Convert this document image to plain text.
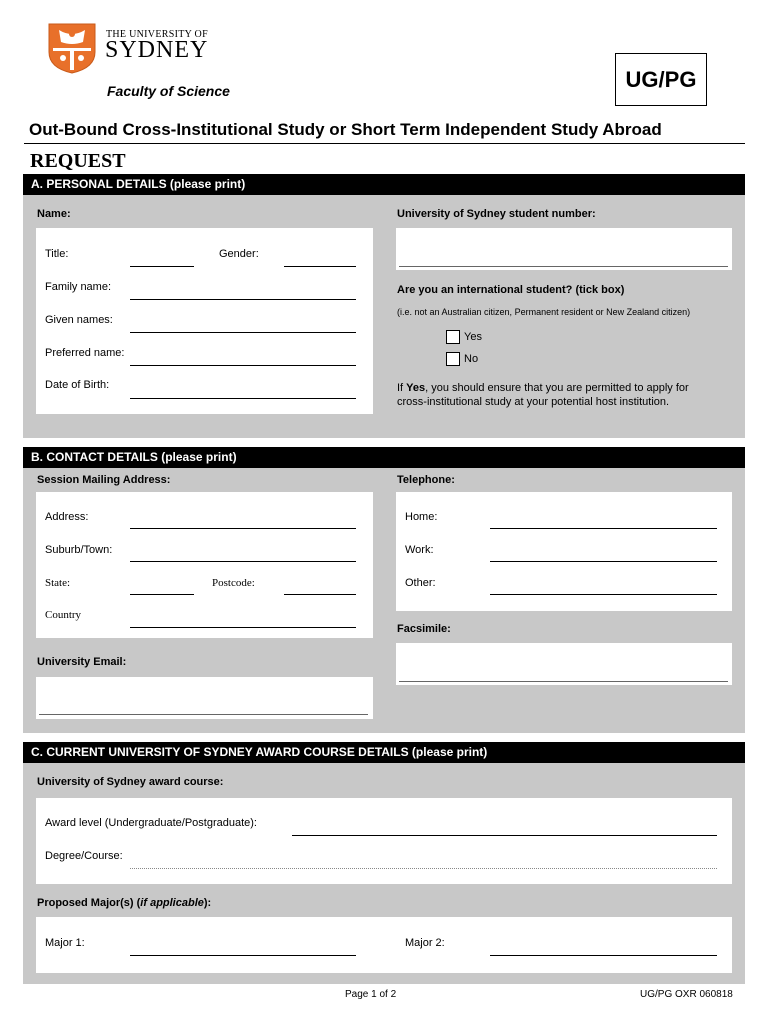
THE UNIVERSITY OF
SYDNEY
Faculty of Science	UG/PG
Out-Bound Cross-Institutional Study or Short Term Independent Study Abroad
REQUEST
A. PERSONAL DETAILS (please print)
Name:
Title:	Gender:
Family name:
Given names:
Preferred name:
Date of Birth:
University of Sydney student number:
Are you an international student? (tick box)
(i.e. not an Australian citizen, Permanent resident or New Zealand citizen)
Yes
No
If Yes, you should ensure that you are permitted to apply for
cross-institutional study at your potential host institution.
B. CONTACT DETAILS (please print)
Session Mailing Address:
Address:
Suburb/Town:
State:	Postcode:
Country
Telephone:
Home:
Work:
Other:
Facsimile:
University Email:
C. CURRENT UNIVERSITY OF SYDNEY AWARD COURSE DETAILS (please print)
University of Sydney award course:
Award level (Undergraduate/Postgraduate):
Degree/Course:
Proposed Major(s) (if applicable):
Major 1:	Major 2:
Page 1 of 2	UG/PG OXR 060818
